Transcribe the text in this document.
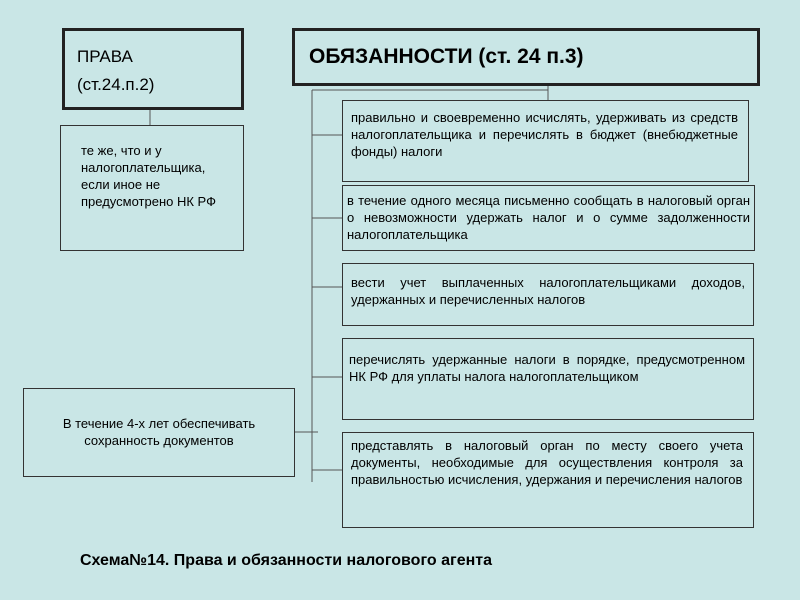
ПРАВА
(ст.24.п.2)
ОБЯЗАННОСТИ (ст. 24 п.3)
те же, что и у налогоплательщика, если иное не предусмотрено НК РФ
В течение 4-х лет обеспечивать сохранность документов
правильно и своевременно исчислять, удерживать из средств налогоплательщика и перечислять в бюджет (внебюджетные фонды) налоги
в течение одного месяца письменно сообщать в налоговый орган о невозможности удержать налог и о сумме задолженности налогоплательщика
вести учет выплаченных налогоплательщиками доходов, удержанных и перечисленных налогов
перечислять удержанные налоги в порядке, предусмотренном НК РФ для уплаты налога налогоплательщиком
представлять в налоговый орган по месту своего учета документы, необходимые для осуществления контроля за правильностью исчисления, удержания и перечисления налогов
Схема№14. Права и обязанности налогового агента
